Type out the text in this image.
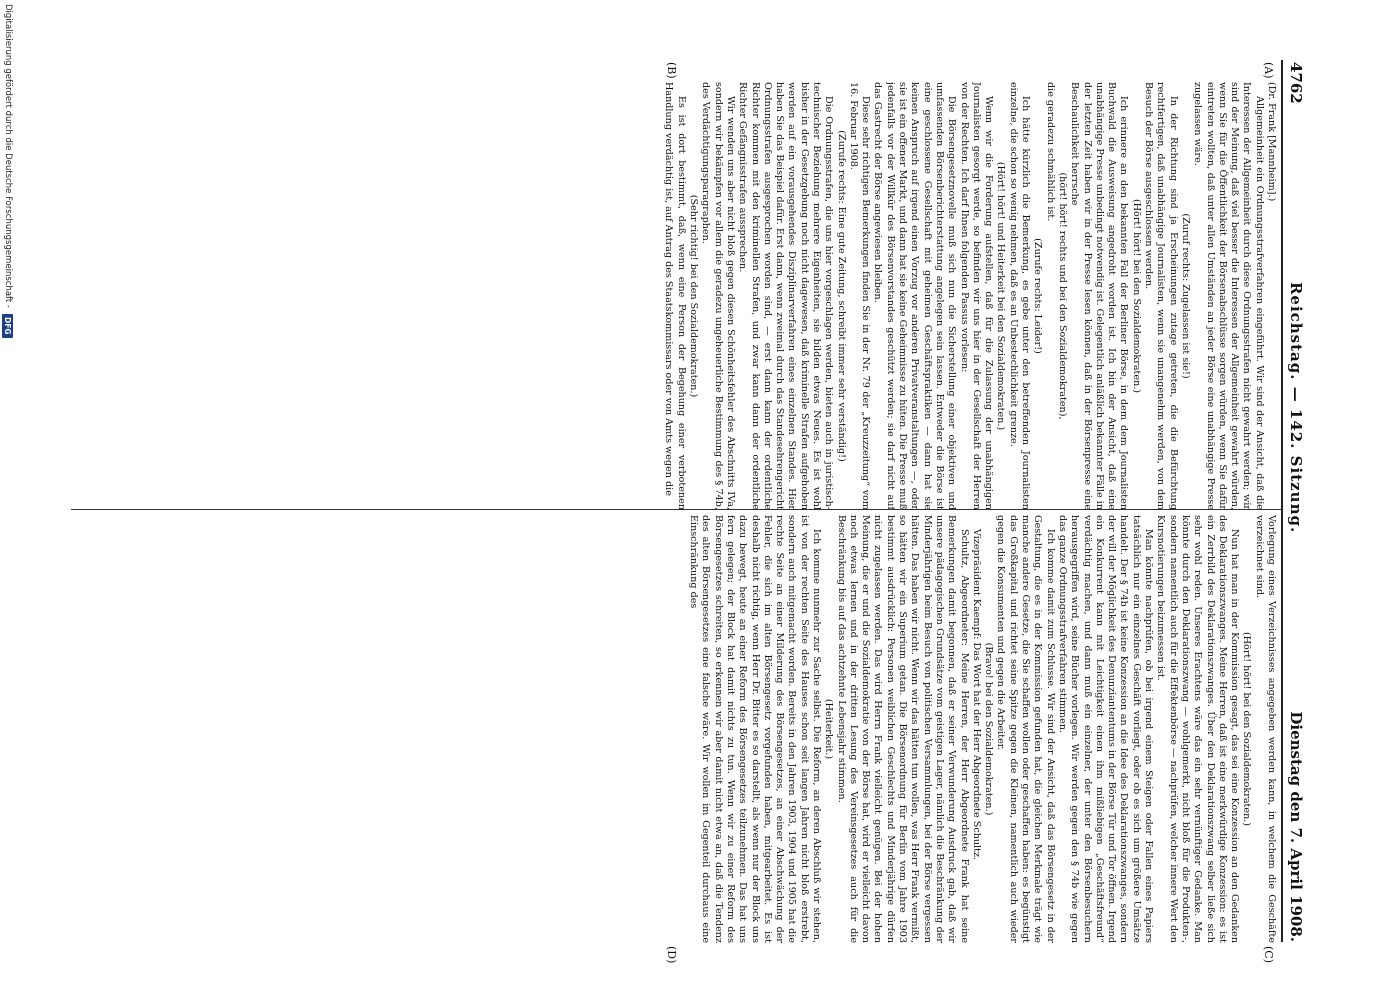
4762
Reichstag. — 142. Sitzung.
Dienstag den 7. April 1908.
(A)
(B)
(C)
(D)

(Dr. Frank [Mannheim].)

Allgemeinheit ein Ordnungsstrafverfahren eingeführt. Wir sind der Ansicht, daß die Interessen der Allgemeinheit durch diese Ordnungsstrafen nicht gewahrt werden; wir sind der Meinung, daß viel besser die Interessen der Allgemeinheit gewahrt würden, wenn Sie für die Öffentlichkeit der Börsenabschlüsse sorgen würden, wenn Sie dafür eintreten wollten, daß unter allen Umständen an jeder Börse eine unabhängige Presse zugelassen wäre.

(Zuruf rechts: Zugelassen ist sie!)

In der Richtung sind ja Erscheinungen zutage getreten, die die Befürchtung rechtfertigen, daß unabhängige Journalisten, wenn sie unangenehm werden, von dem Besuch der Börse ausgeschlossen werden.

(Hört! hört! bei den Sozialdemokraten.)

Ich erinnere an den bekannten Fall der Berliner Börse, in dem dem Journalisten Buchwald die Ausweisung angedroht worden ist. Ich bin der Ansicht, daß eine unabhängige Presse unbedingt notwendig ist. Gelegentlich anläßlich bekannter Fälle in der letzten Zeit haben wir in der Presse lesen können, daß in der Börsenpresse eine Beschaulichkeit herrsche

(hört! hört! rechts und bei den Sozialdemokraten),

die geradezu schmählich ist.

(Zurufe rechts: Leider!)

Ich hätte kürzlich die Bemerkung, es gebe unter den betreffenden Journalisten einzelne, die schon so wenig nehmen, daß es an Unbestechlichkeit grenze.

(Hört! hört! und Heiterkeit bei den Sozialdemokraten.)

Wenn wir die Forderung aufstellen, daß für die Zulassung der unabhängigen Journalisten gesorgt werde, so befinden wir uns hier in der Gesellschaft der Herren von der Rechten. Ich darf Ihnen folgenden Passus vorlesen:

Die Börsengesetznovelle muß sich nun die Sicherstellung einer objektiven und umfassenden Börsenberichterstattung angelegen sein lassen. Entweder die Börse ist eine geschlossene Gesellschaft mit geheimen Geschäftspraktiken — dann hat sie keinen Anspruch auf irgend einen Vorzug vor anderen Privatveranstaltungen —, oder sie ist ein offener Markt, und dann hat sie keine Geheimnisse zu hüten. Die Presse muß jedenfalls vor der Willkür des Börsenvorstandes geschützt werden; sie darf nicht auf das Gastrecht der Börse angewiesen bleiben.

Diese sehr richtigen Bemerkungen finden Sie in der Nr. 79 der „Kreuzzeitung“ vom 16. Februar 1908.

(Zurufe rechts: Eine gute Zeitung, schreibt immer sehr verständig!)

Die Ordnungsstrafen, die uns hier vorgeschlagen werden, bieten auch in juristisch-technischer Beziehung mehrere Eigenheiten, sie bilden etwas Neues. Es ist wohl bisher in der Gesetzgebung noch nicht dagewesen, daß kriminelle Strafen aufgehoben werden auf ein vorausgehendes Disziplinarverfahren eines einzelnen Standes. Hier haben Sie das Beispiel dafür. Erst dann, wenn zweimal durch das Standesehrengericht Ordnungsstrafen ausgesprochen worden sind, — erst dann kann der ordentliche Richter kommen mit den kriminellen Strafen, und zwar kann dann der ordentliche Richter Gefängnisstrafen aussprechen.

Wir wenden uns aber nicht bloß gegen diesen Schönheitsfehler des Abschnitts IVa, sondern wir bekämpfen vor allem die geradezu ungeheuerliche Bestimmung des § 74b, des Verdächtigungsparagraphen.

(Sehr richtig! bei den Sozialdemokraten.)

Es ist dort bestimmt, daß, wenn eine Person der Begehung einer verbotenen Handlung verdächtig ist, auf Antrag des Staatskommissars oder von Amts wegen die

Vorlegung eines Verzeichnisses angegeben werden kann, in welchem die Geschäfte verzeichnet sind.

(Hört! hört! bei den Sozialdemokraten.)

Nun hat man in der Kommission gesagt, das sei eine Konzession an den Gedanken des Deklarationszwanges. Meine Herren, daß ist eine merkwürdige Konzession: es ist ein Zerrbild des Deklarationszwanges. Über den Deklarationszwang selber ließe sich sehr wohl reden. Unseres Erachtens wäre das ein sehr vernünftiger Gedanke. Man könnte durch den Deklarationszwang — wohlgemerkt, nicht bloß für die Produkten-, sondern namentlich auch für die Effektenbörse — nachprüfen, welcher innere Wert den Kursnotierungen beizumessen ist.

Man könnte nachprüfen, ob bei irgend einem Steigen oder Fallen eines Papiers tatsächlich nur ein einzelnes Geschäft vorliegt, oder ob es sich um größere Umsätze handelt. Der § 74b ist keine Konzession an die Idee des Deklarationszwanges, sondern der will der Möglichkeit des Denunziantentums in der Börse Tür und Tor öffnen. Irgend ein Konkurrent kann mit Leichtigkeit einen ihm mißliebigen „Geschäftsfreund“ verdächtig machen, und dann muß ein einzelner, der unter den Börsenbesuchern herausgegriffen wird, seine Bücher vorlegen. Wir werden gegen den § 74b wie gegen das ganze Ordnungsstrafverfahren stimmen.

Ich komme damit zum Schlusse. Wir sind der Ansicht, daß das Börsengesetz in der Gestaltung, die es in der Kommission gefunden hat, die gleichen Merkmale trägt wie manche andere Gesetze, die Sie schaffen wollen oder geschaffen haben: es begünstigt das Großkapital und richtet seine Spitze gegen die Kleinen, namentlich auch wieder gegen die Konsumenten und gegen die Arbeiter.

(Bravo! bei den Sozialdemokraten.)

Vizepräsident Kaempf: Das Wort hat der Herr Abgeordnete Schultz.

Schultz, Abgeordneter: Meine Herren, der Herr Abgeordnete Frank hat seine Bemerkungen damit begonnen, daß er seiner Verwunderung Ausdruck gab, daß wir unsere pädagogischen Grundsätze vom geistigen Lager, nämlich die Beschränkung der Minderjährigen beim Besuch von politischen Versammlungen, bei der Börse vergessen hätten. Das haben wir nicht. Wenn wir das hätten tun wollen, was Herr Frank vermißt, so hätten wir ein Superium getan. Die Börsenordnung für Berlin vom Jahre 1903 bestimmt ausdrücklich: Personen weiblichen Geschlechts und Minderjährige dürfen nicht zugelassen werden. Das wird Herrn Frank vielleicht genügen. Bei der hohen Meinung, die er und die Sozialdemokratie von der Börse hat, wird er vielleicht davon noch etwas lernen und in der dritten Lesung des Vereinsgesetzes auch für die Beschränkung bis auf das achtzehnte Lebensjahr stimmen.

(Heiterkeit.)

Ich komme nunmehr zur Sache selbst. Die Reform, an deren Abschluß wir stehen, ist von der rechten Seite des Hauses schon seit langen Jahren nicht bloß erstrebt, sondern auch mitgemacht worden. Bereits in den Jahren 1903, 1904 und 1905 hat die rechte Seite an einer Milderung des Börsengesetzes, an einer Abschwächung der Fehler, die sich im alten Börsengesetz vorgefunden haben, mitgearbeitet. Es ist deshalb nicht richtig, wenn Herr Dr. Bitter es so darstellt, als wenn nur der Block uns dazu bewegt, heute an einer Reform des Börsengesetzes teilzunehmen. Das hat uns fern gelegen; der Block hat damit nichts zu tun. Wenn wir zu einer Reform des Börsengesetzes schreiten, so erkennen wir aber damit nicht etwa an, daß die Tendenz des alten Börsengesetzes eine falsche wäre. Wir wollen im Gegenteil durchaus eine Einschränkung des

Digitalisierung gefördert durch die Deutsche Forschungsgemeinschaft -
DFG
